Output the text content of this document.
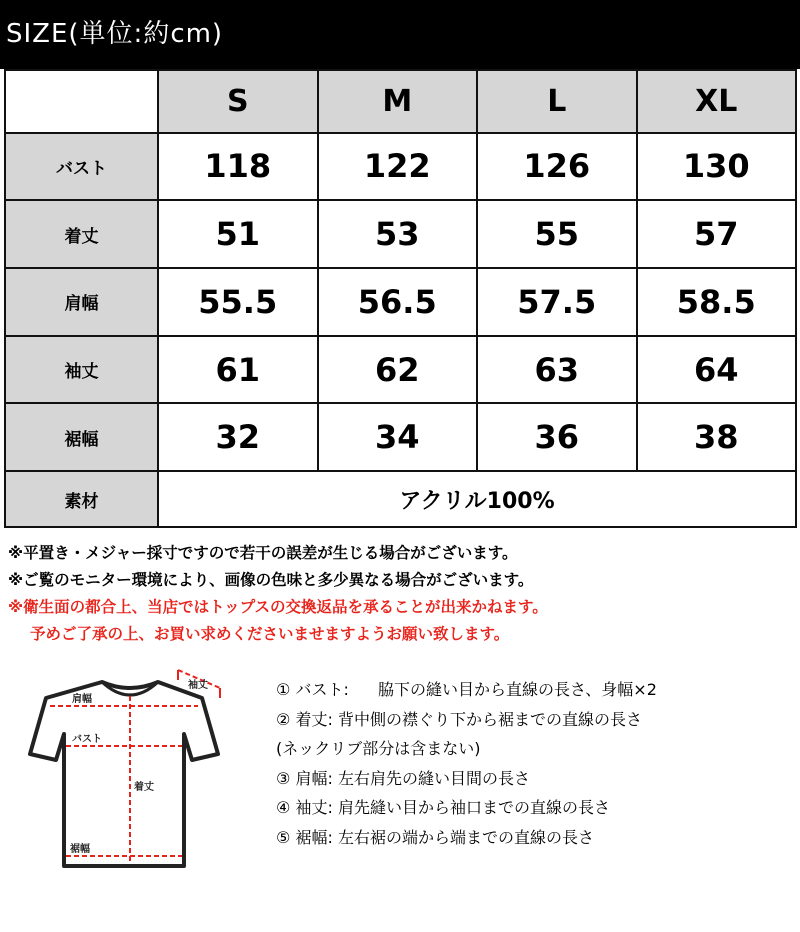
SIZE(単位:約cm)
	S	M	L	XL
バスト	118	122	126	130
着丈	51	53	55	57
肩幅	55.5	56.5	57.5	58.5
袖丈	61	62	63	64
裾幅	32	34	36	38
素材	アクリル100%			
※平置き・メジャー採寸ですので若干の誤差が生じる場合がございます。
※ご覧のモニター環境により、画像の色味と多少異なる場合がございます。
※衛生面の都合上、当店ではトップスの交換返品を承ることが出来かねます。
予めご了承の上、お買い求めくださいませますようお願い致します。
袖丈
肩幅
バスト
着丈
裾幅
① バスト: 脇下の縫い目から直線の長さ、身幅×2
② 着丈: 背中側の襟ぐり下から裾までの直線の長さ
(ネックリブ部分は含まない)
③ 肩幅: 左右肩先の縫い目間の長さ
④ 袖丈: 肩先縫い目から袖口までの直線の長さ
⑤ 裾幅: 左右裾の端から端までの直線の長さ
